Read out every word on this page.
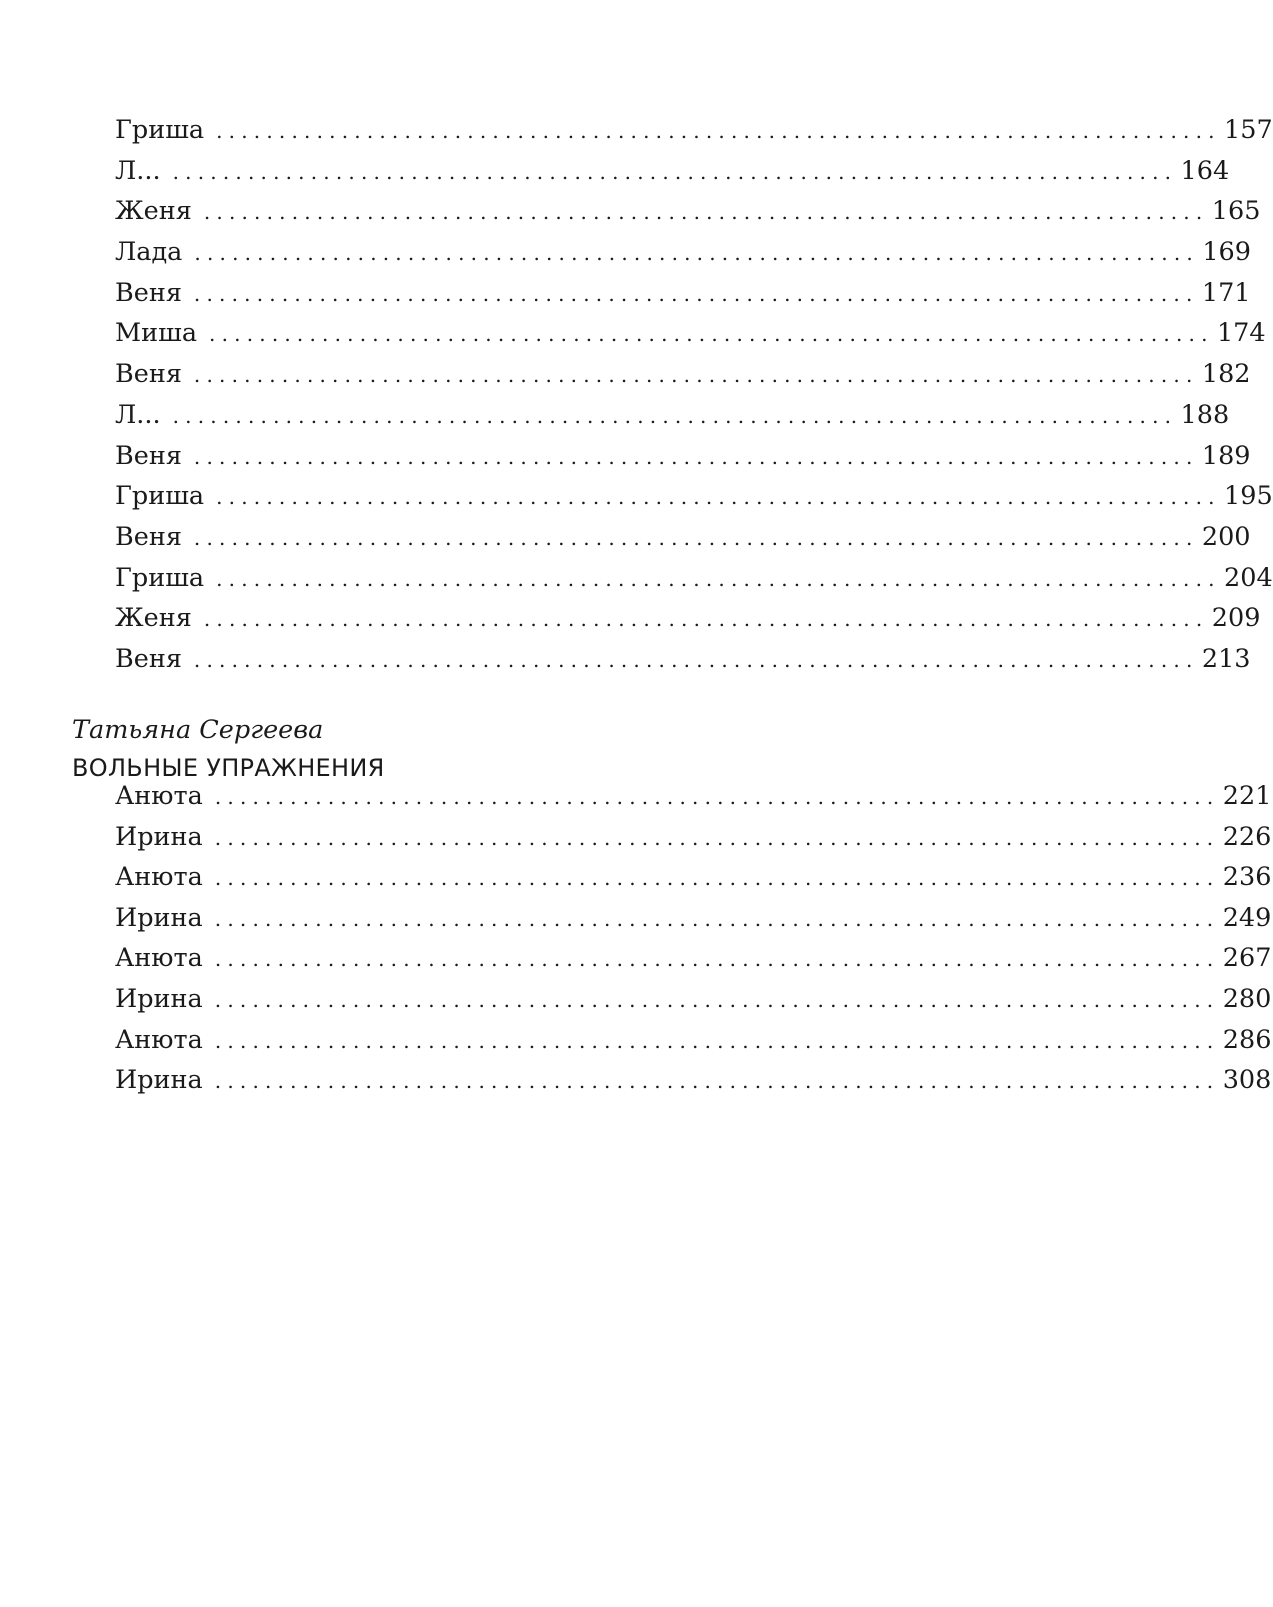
Гриша ................................................................................ 157
Л... ................................................................................ 164
Женя ................................................................................ 165
Лада ................................................................................ 169
Веня ................................................................................ 171
Миша ................................................................................ 174
Веня ................................................................................ 182
Л... ................................................................................ 188
Веня ................................................................................ 189
Гриша ................................................................................ 195
Веня ................................................................................ 200
Гриша ................................................................................ 204
Женя ................................................................................ 209
Веня ................................................................................ 213
Татьяна Сергеева
ВОЛЬНЫЕ УПРАЖНЕНИЯ
Анюта ................................................................................ 221
Ирина ................................................................................ 226
Анюта ................................................................................ 236
Ирина ................................................................................ 249
Анюта ................................................................................ 267
Ирина ................................................................................ 280
Анюта ................................................................................ 286
Ирина ................................................................................ 308
